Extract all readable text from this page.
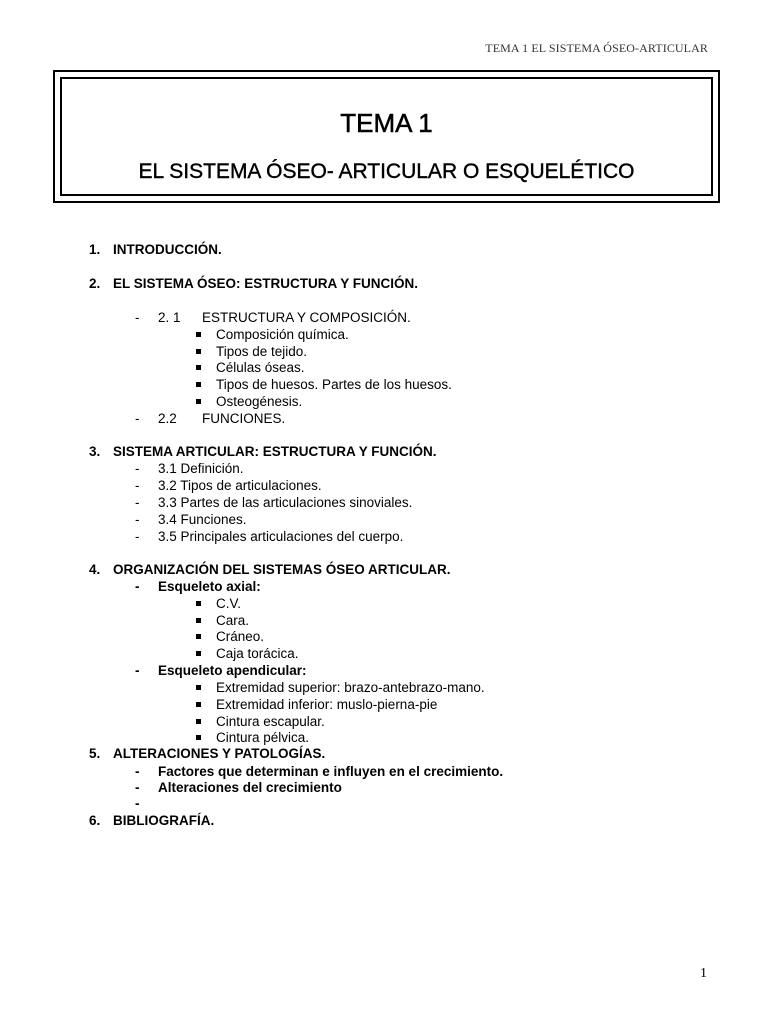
TEMA 1 EL SISTEMA ÓSEO-ARTICULAR
TEMA 1
EL SISTEMA ÓSEO- ARTICULAR O ESQUELÉTICO
1. INTRODUCCIÓN.
2. EL SISTEMA ÓSEO: ESTRUCTURA Y FUNCIÓN.
- 2. 1 ESTRUCTURA Y COMPOSICIÓN.
Composición química.
Tipos de tejido.
Células óseas.
Tipos de huesos. Partes de los huesos.
Osteogénesis.
- 2.2 FUNCIONES.
3. SISTEMA ARTICULAR: ESTRUCTURA Y FUNCIÓN.
- 3.1 Definición.
- 3.2 Tipos de articulaciones.
- 3.3 Partes de las articulaciones sinoviales.
- 3.4 Funciones.
- 3.5 Principales articulaciones del cuerpo.
4. ORGANIZACIÓN DEL SISTEMAS ÓSEO ARTICULAR.
- Esqueleto axial:
C.V.
Cara.
Cráneo.
Caja torácica.
- Esqueleto apendicular:
Extremidad superior: brazo-antebrazo-mano.
Extremidad inferior: muslo-pierna-pie
Cintura escapular.
Cintura pélvica.
5. ALTERACIONES Y PATOLOGÍAS.
- Factores que determinan e influyen en el crecimiento.
- Alteraciones del crecimiento
-
6. BIBLIOGRAFÍA.
1
